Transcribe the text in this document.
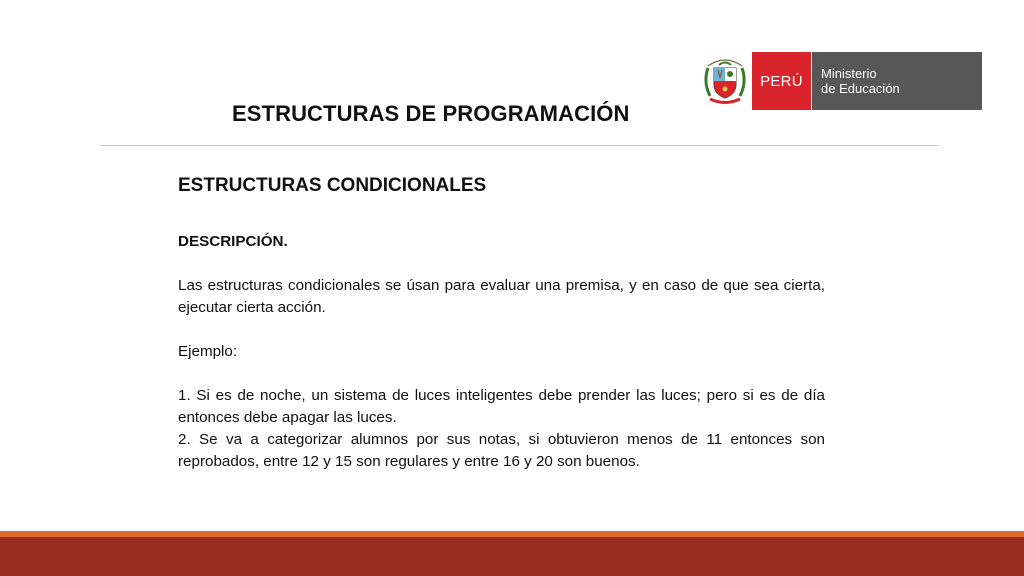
ESTRUCTURAS DE PROGRAMACIÓN
PERÚ Ministerio
de Educación
ESTRUCTURAS CONDICIONALES

DESCRIPCIÓN.

Las estructuras condicionales se úsan para evaluar una premisa, y en caso de que sea cierta, ejecutar cierta acción.

Ejemplo:

1. Si es de noche, un sistema de luces inteligentes debe prender las luces; pero si es de día entonces debe apagar las luces.

2. Se va a categorizar alumnos por sus notas, si obtuvieron menos de 11 entonces son reprobados, entre 12 y 15 son regulares y entre 16 y 20 son buenos.
